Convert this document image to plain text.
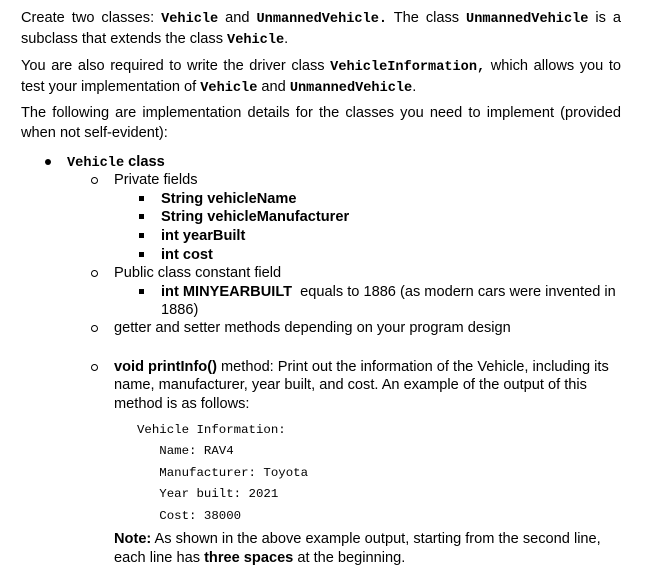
Create two classes: Vehicle and UnmannedVehicle. The class UnmannedVehicle is a subclass that extends the class Vehicle.

You are also required to write the driver class VehicleInformation, which allows you to test your implementation of Vehicle and UnmannedVehicle.

The following are implementation details for the classes you need to implement (provided when not self-evident):

Vehicle class
Private fields
String vehicleName
String vehicleManufacturer
int yearBuilt
int cost
Public class constant field
int MINYEARBUILT  equals to 1886 (as modern cars were invented in
1886)
getter and setter methods depending on your program design
void printInfo() method: Print out the information of the Vehicle, including its
name, manufacturer, year built, and cost. An example of the output of this
method is as follows:
Vehicle Information:
Name: RAV4
Manufacturer: Toyota
Year built: 2021
Cost: 38000
Note: As shown in the above example output, starting from the second line,
each line has three spaces at the beginning.
